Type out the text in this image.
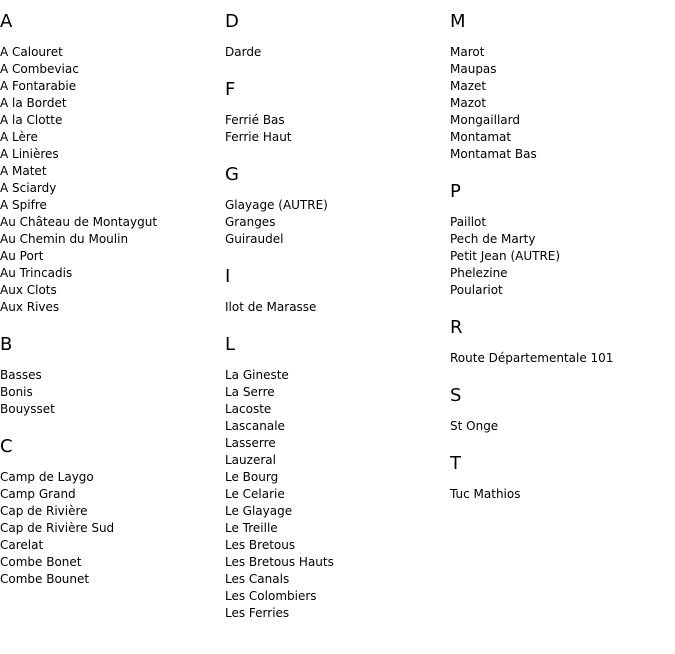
A
A Calouret
A Combeviac
A Fontarabie
A la Bordet
A la Clotte
A Lère
A Linières
A Matet
A Sciardy
A Spifre
Au Château de Montaygut
Au Chemin du Moulin
Au Port
Au Trincadis
Aux Clots
Aux Rives
B
Basses
Bonis
Bouysset
C
Camp de Laygo
Camp Grand
Cap de Rivière
Cap de Rivière Sud
Carelat
Combe Bonet
Combe Bounet
D
Darde
F
Ferrié Bas
Ferrie Haut
G
Glayage (AUTRE)
Granges
Guiraudel
I
Ilot de Marasse
L
La Gineste
La Serre
Lacoste
Lascanale
Lasserre
Lauzeral
Le Bourg
Le Celarie
Le Glayage
Le Treille
Les Bretous
Les Bretous Hauts
Les Canals
Les Colombiers
Les Ferries
M
Marot
Maupas
Mazet
Mazot
Mongaillard
Montamat
Montamat Bas
P
Paillot
Pech de Marty
Petit Jean (AUTRE)
Phelezine
Poulariot
R
Route Départementale 101
S
St Onge
T
Tuc Mathios
